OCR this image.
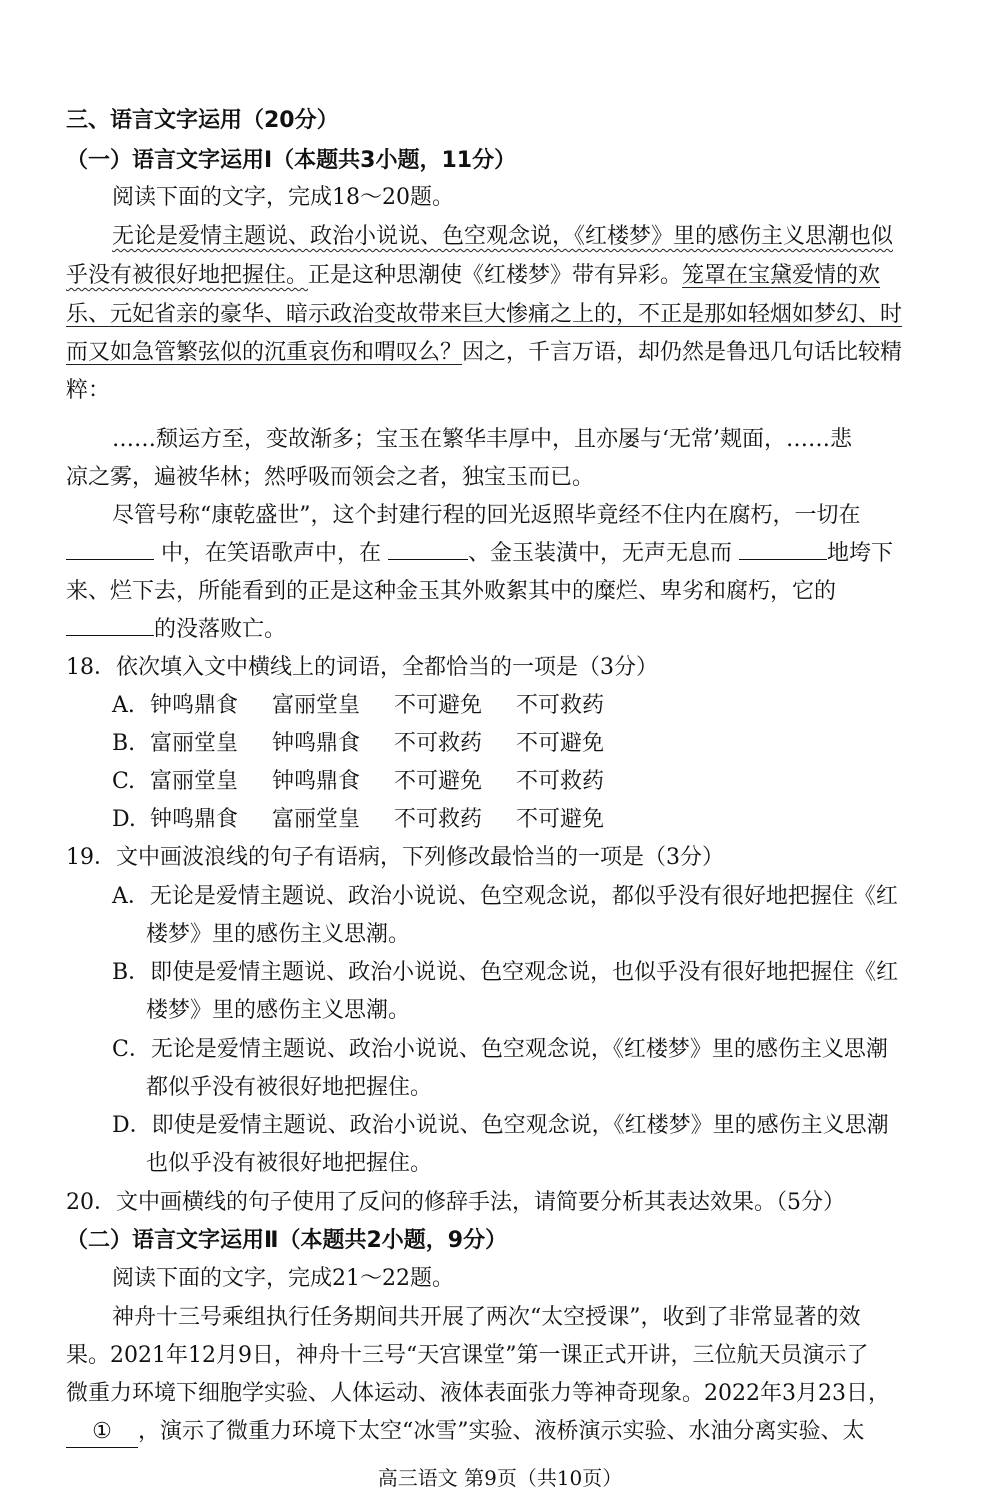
三、语言文字运用（20分）
（一）语言文字运用Ⅰ（本题共3小题，11分）
阅读下面的文字，完成18～20题。
无论是爱情主题说、政治小说说、色空观念说，《红楼梦》里的感伤主义思潮也似
乎没有被很好地把握住。正是这种思潮使《红楼梦》带有异彩。笼罩在宝黛爱情的欢
乐、元妃省亲的豪华、暗示政治变故带来巨大惨痛之上的，不正是那如轻烟如梦幻、时
而又如急管繁弦似的沉重哀伤和喟叹么？因之，千言万语，却仍然是鲁迅几句话比较精
粹：
……颓运方至，变故渐多；宝玉在繁华丰厚中，且亦屡与‘无常’觌面，……悲
凉之雾，遍被华林；然呼吸而领会之者，独宝玉而已。
尽管号称“康乾盛世”，这个封建行程的回光返照毕竟经不住内在腐朽，一切在
中，在笑语歌声中，在	、金玉装潢中，无声无息而	地垮下
来、烂下去，所能看到的正是这种金玉其外败絮其中的糜烂、卑劣和腐朽，它的
的没落败亡。
18．依次填入文中横线上的词语，全都恰当的一项是（3分）
A. 钟鸣鼎食 富丽堂皇 不可避免 不可救药
B. 富丽堂皇 钟鸣鼎食 不可救药 不可避免
C. 富丽堂皇 钟鸣鼎食 不可避免 不可救药
D. 钟鸣鼎食 富丽堂皇 不可救药 不可避免
19．文中画波浪线的句子有语病，下列修改最恰当的一项是（3分）
A．无论是爱情主题说、政治小说说、色空观念说，都似乎没有很好地把握住《红
楼梦》里的感伤主义思潮。
B．即使是爱情主题说、政治小说说、色空观念说，也似乎没有很好地把握住《红
楼梦》里的感伤主义思潮。
C．无论是爱情主题说、政治小说说、色空观念说，《红楼梦》里的感伤主义思潮
都似乎没有被很好地把握住。
D．即使是爱情主题说、政治小说说、色空观念说，《红楼梦》里的感伤主义思潮
也似乎没有被很好地把握住。
20．文中画横线的句子使用了反问的修辞手法，请简要分析其表达效果。（5分）
（二）语言文字运用Ⅱ（本题共2小题，9分）
阅读下面的文字，完成21～22题。
神舟十三号乘组执行任务期间共开展了两次“太空授课”，收到了非常显著的效
果。2021年12月9日，神舟十三号“天宫课堂”第一课正式开讲，三位航天员演示了
微重力环境下细胞学实验、人体运动、液体表面张力等神奇现象。2022年3月23日，
① ，演示了微重力环境下太空“冰雪”实验、液桥演示实验、水油分离实验、太
高三语文 第9页（共10页）
